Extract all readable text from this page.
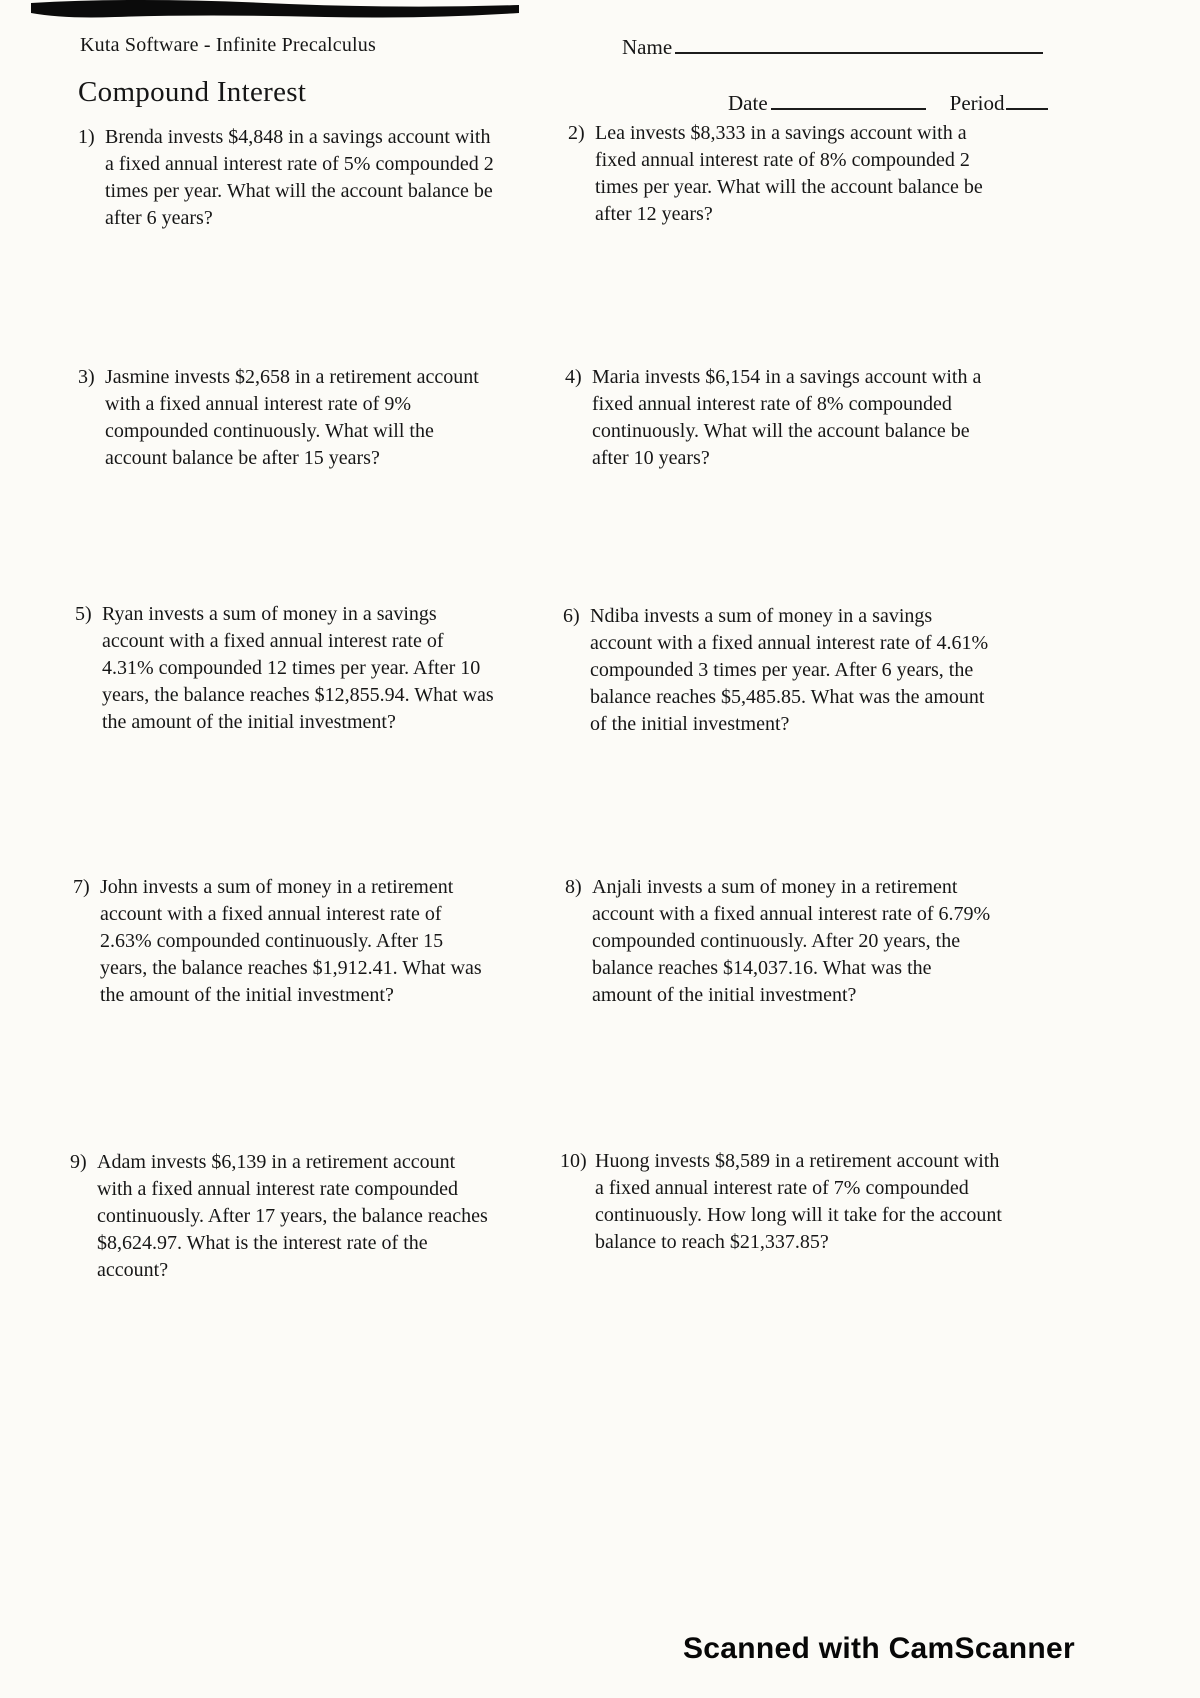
Kuta Software - Infinite Precalculus	Name
Compound Interest	Date	Period
1) Brenda invests $4,848 in a savings account with a fixed annual interest rate of 5% compounded 2 times per year. What will the account balance be after 6 years?
2) Lea invests $8,333 in a savings account with a fixed annual interest rate of 8% compounded 2 times per year. What will the account balance be after 12 years?
3) Jasmine invests $2,658 in a retirement account with a fixed annual interest rate of 9% compounded continuously. What will the account balance be after 15 years?
4) Maria invests $6,154 in a savings account with a fixed annual interest rate of 8% compounded continuously. What will the account balance be after 10 years?
5) Ryan invests a sum of money in a savings account with a fixed annual interest rate of 4.31% compounded 12 times per year. After 10 years, the balance reaches $12,855.94. What was the amount of the initial investment?
6) Ndiba invests a sum of money in a savings account with a fixed annual interest rate of 4.61% compounded 3 times per year. After 6 years, the balance reaches $5,485.85. What was the amount of the initial investment?
7) John invests a sum of money in a retirement account with a fixed annual interest rate of 2.63% compounded continuously. After 15 years, the balance reaches $1,912.41. What was the amount of the initial investment?
8) Anjali invests a sum of money in a retirement account with a fixed annual interest rate of 6.79% compounded continuously. After 20 years, the balance reaches $14,037.16. What was the amount of the initial investment?
9) Adam invests $6,139 in a retirement account with a fixed annual interest rate compounded continuously. After 17 years, the balance reaches $8,624.97. What is the interest rate of the account?
10) Huong invests $8,589 in a retirement account with a fixed annual interest rate of 7% compounded continuously. How long will it take for the account balance to reach $21,337.85?
Scanned with CamScanner
